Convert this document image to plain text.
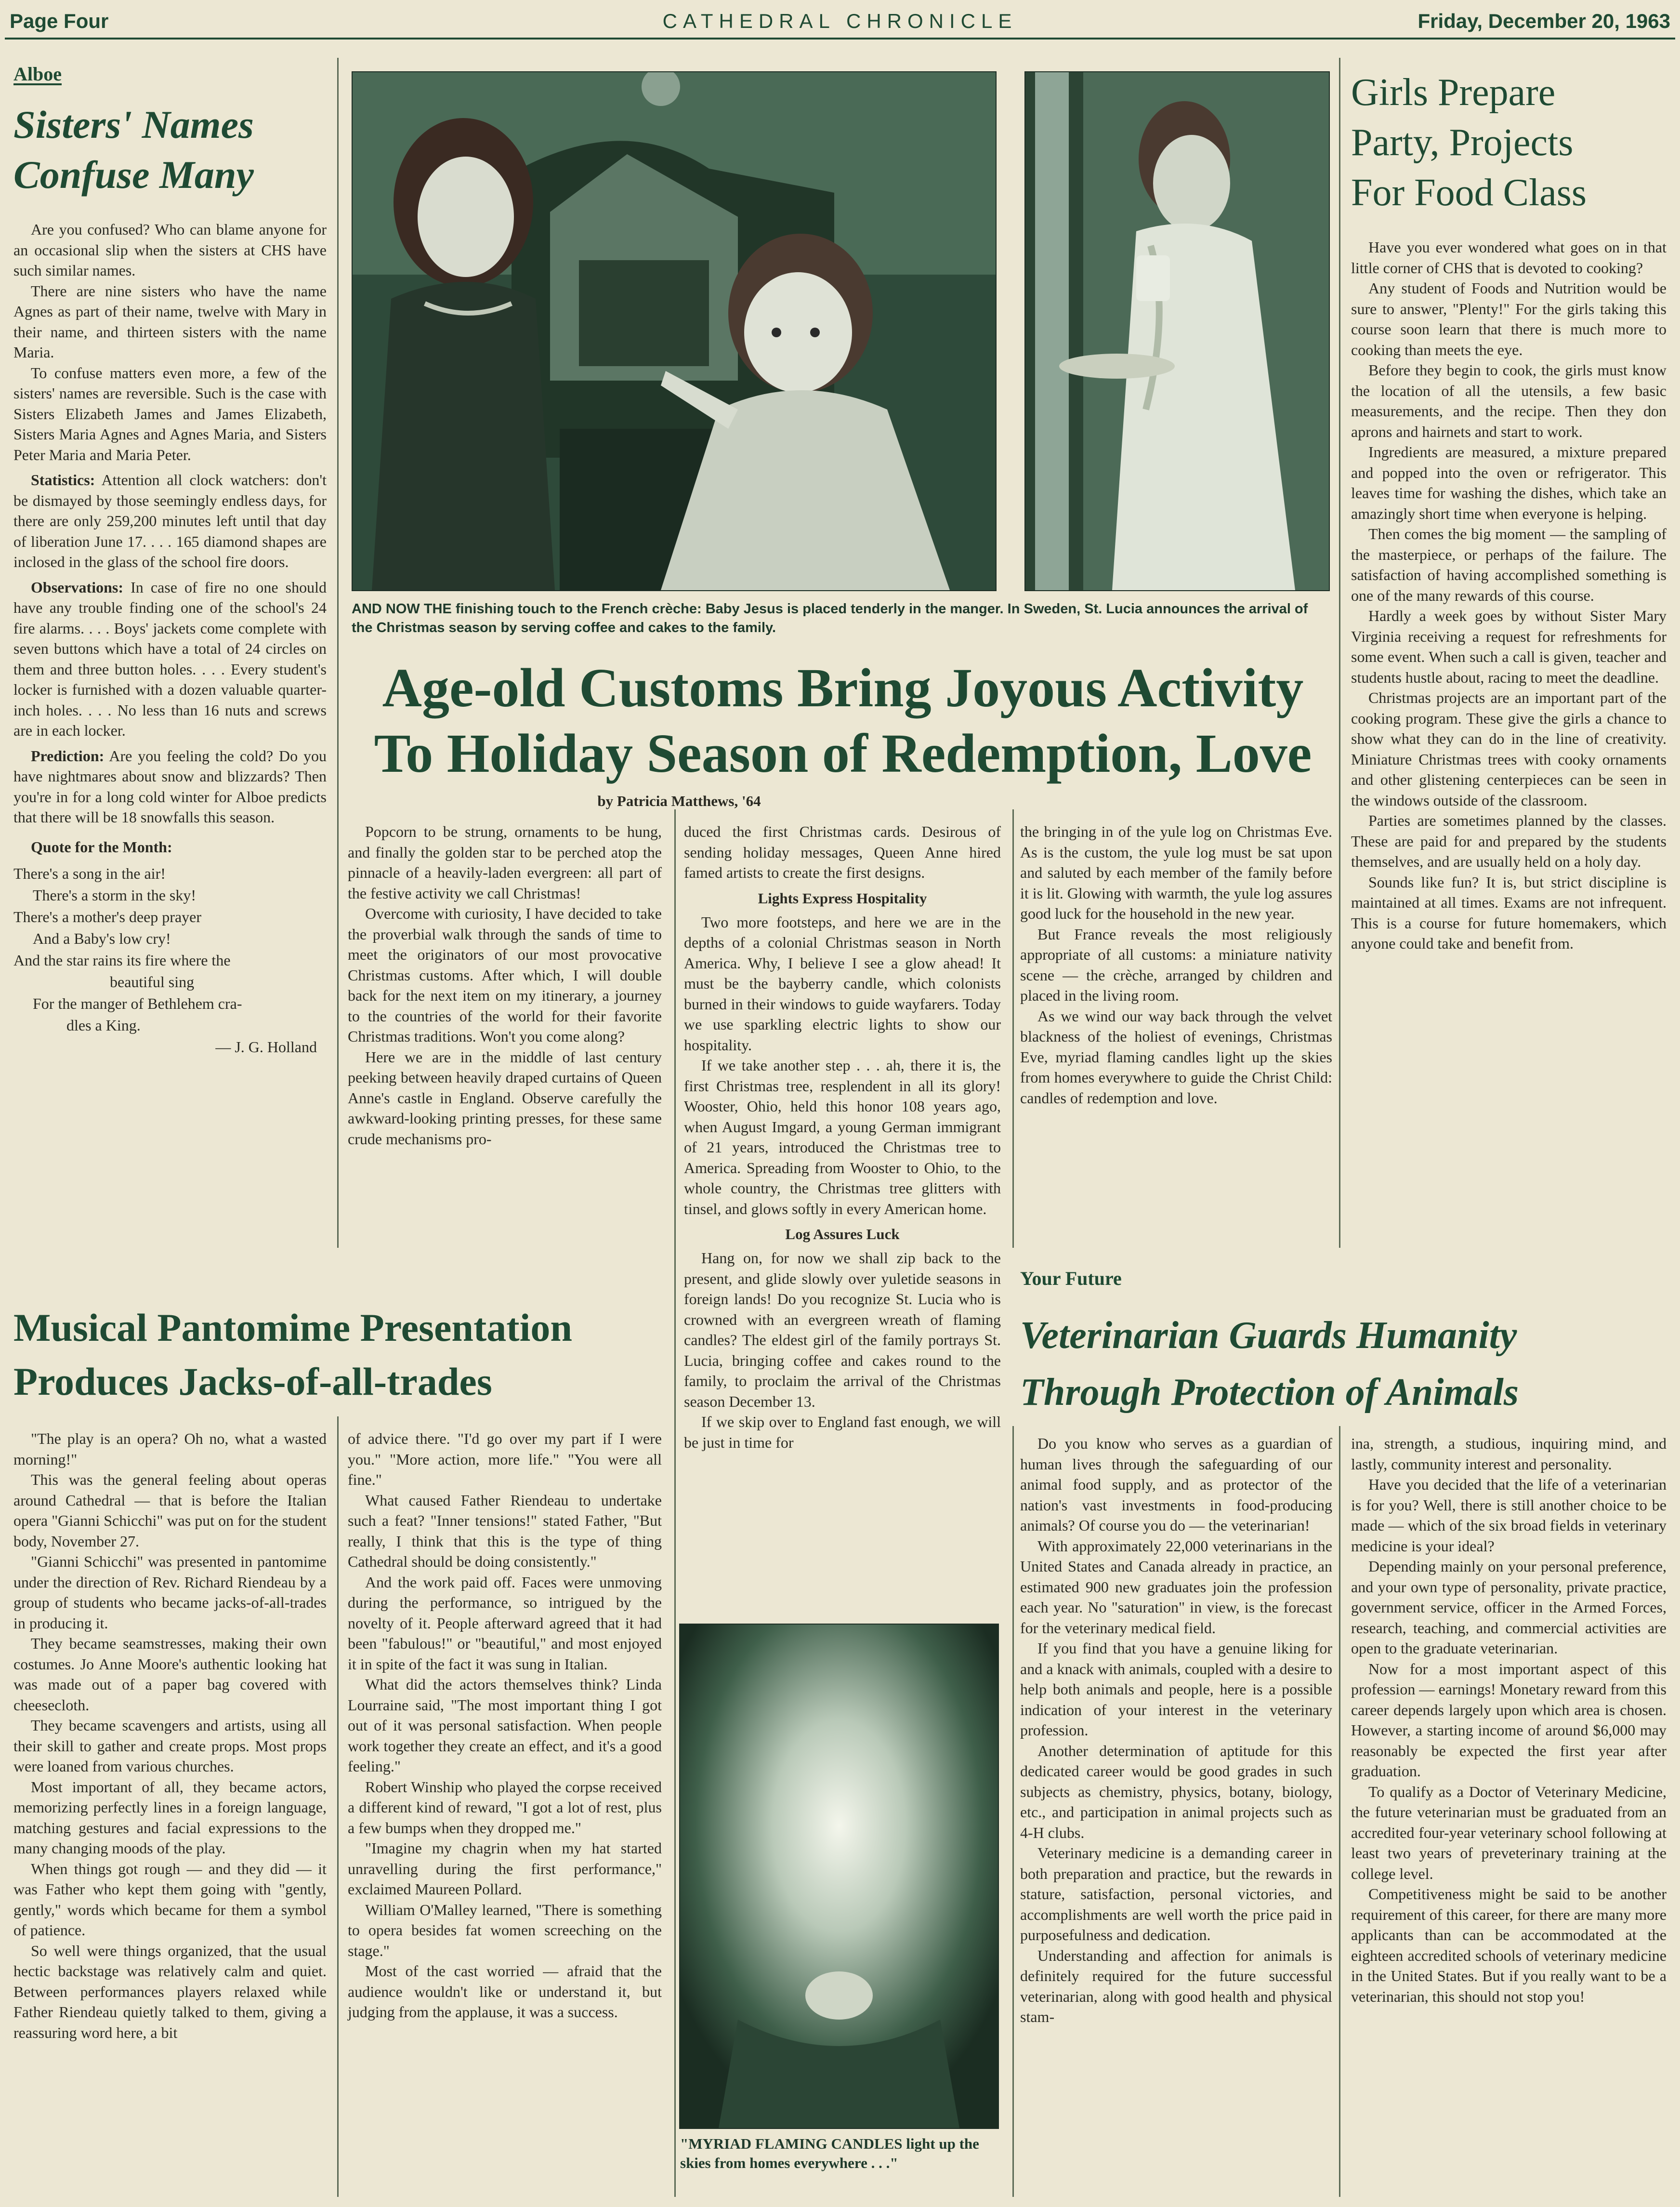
Page Four	CATHEDRAL CHRONICLE	Friday, December 20, 1963
Alboe
Sisters' Names
Confuse Many

Are you confused? Who can blame anyone for an occasional slip when the sisters at CHS have such similar names.

There are nine sisters who have the name Agnes as part of their name, twelve with Mary in their name, and thirteen sisters with the name Maria.

To confuse matters even more, a few of the sisters' names are reversible. Such is the case with Sisters Elizabeth James and James Elizabeth, Sisters Maria Agnes and Agnes Maria, and Sisters Peter Maria and Maria Peter.

Statistics: Attention all clock watchers: don't be dismayed by those seemingly endless days, for there are only 259,200 minutes left until that day of liberation June 17. . . . 165 diamond shapes are inclosed in the glass of the school fire doors.

Observations: In case of fire no one should have any trouble finding one of the school's 24 fire alarms. . . . Boys' jackets come complete with seven buttons which have a total of 24 circles on them and three button holes. . . . Every student's locker is furnished with a dozen valuable quarter-inch holes. . . . No less than 16 nuts and screws are in each locker.

Prediction: Are you feeling the cold? Do you have nightmares about snow and blizzards? Then you're in for a long cold winter for Alboe predicts that there will be 18 snowfalls this season.

Quote for the Month:
There's a song in the air!
There's a storm in the sky!
There's a mother's deep prayer
And a Baby's low cry!
And the star rains its fire where the
beautiful sing
For the manger of Bethlehem cra-
dles a King.
— J. G. Holland
AND NOW THE finishing touch to the French crèche: Baby Jesus is placed tenderly in the manger. In Sweden, St. Lucia announces the arrival of the Christmas season by serving coffee and cakes to the family.
Girls Prepare
Party, Projects
For Food Class

Have you ever wondered what goes on in that little corner of CHS that is devoted to cooking?

Any student of Foods and Nutrition would be sure to answer, "Plenty!" For the girls taking this course soon learn that there is much more to cooking than meets the eye.

Before they begin to cook, the girls must know the location of all the utensils, a few basic measurements, and the recipe. Then they don aprons and hairnets and start to work.

Ingredients are measured, a mixture prepared and popped into the oven or refrigerator. This leaves time for washing the dishes, which take an amazingly short time when everyone is helping.

Then comes the big moment — the sampling of the masterpiece, or perhaps of the failure. The satisfaction of having accomplished something is one of the many rewards of this course.

Hardly a week goes by without Sister Mary Virginia receiving a request for refreshments for some event. When such a call is given, teacher and students hustle about, racing to meet the deadline.

Christmas projects are an important part of the cooking program. These give the girls a chance to show what they can do in the line of creativity. Miniature Christmas trees with cooky ornaments and other glistening centerpieces can be seen in the windows outside of the classroom.

Parties are sometimes planned by the classes. These are paid for and prepared by the students themselves, and are usually held on a holy day.

Sounds like fun? It is, but strict discipline is maintained at all times. Exams are not infrequent. This is a course for future homemakers, which anyone could take and benefit from.

Age-old Customs Bring Joyous Activity
To Holiday Season of Redemption, Love
by Patricia Matthews, '64

Popcorn to be strung, ornaments to be hung, and finally the golden star to be perched atop the pinnacle of a heavily-laden evergreen: all part of the festive activity we call Christmas!

Overcome with curiosity, I have decided to take the proverbial walk through the sands of time to meet the originators of our most provocative Christmas customs. After which, I will double back for the next item on my itinerary, a journey to the countries of the world for their favorite Christmas traditions. Won't you come along?

Here we are in the middle of last century peeking between heavily draped curtains of Queen Anne's castle in England. Observe carefully the awkward-looking printing presses, for these same crude mechanisms pro-

duced the first Christmas cards. Desirous of sending holiday messages, Queen Anne hired famed artists to create the first designs.

Lights Express Hospitality

Two more footsteps, and here we are in the depths of a colonial Christmas season in North America. Why, I believe I see a glow ahead! It must be the bayberry candle, which colonists burned in their windows to guide wayfarers. Today we use sparkling electric lights to show our hospitality.

If we take another step . . . ah, there it is, the first Christmas tree, resplendent in all its glory! Wooster, Ohio, held this honor 108 years ago, when August Imgard, a young German immigrant of 21 years, introduced the Christmas tree to America. Spreading from Wooster to Ohio, to the whole country, the Christmas tree glitters with tinsel, and glows softly in every American home.

Log Assures Luck

Hang on, for now we shall zip back to the present, and glide slowly over yuletide seasons in foreign lands! Do you recognize St. Lucia who is crowned with an evergreen wreath of flaming candles? The eldest girl of the family portrays St. Lucia, bringing coffee and cakes round to the family, to proclaim the arrival of the Christmas season December 13.

If we skip over to England fast enough, we will be just in time for

the bringing in of the yule log on Christmas Eve. As is the custom, the yule log must be sat upon and saluted by each member of the family before it is lit. Glowing with warmth, the yule log assures good luck for the household in the new year.

But France reveals the most religiously appropriate of all customs: a miniature nativity scene — the crèche, arranged by children and placed in the living room.

As we wind our way back through the velvet blackness of the holiest of evenings, Christmas Eve, myriad flaming candles light up the skies from homes everywhere to guide the Christ Child: candles of redemption and love.

Musical Pantomime Presentation
Produces Jacks-of-all-trades

"The play is an opera? Oh no, what a wasted morning!"

This was the general feeling about operas around Cathedral — that is before the Italian opera "Gianni Schicchi" was put on for the student body, November 27.

"Gianni Schicchi" was presented in pantomime under the direction of Rev. Richard Riendeau by a group of students who became jacks-of-all-trades in producing it.

They became seamstresses, making their own costumes. Jo Anne Moore's authentic looking hat was made out of a paper bag covered with cheesecloth.

They became scavengers and artists, using all their skill to gather and create props. Most props were loaned from various churches.

Most important of all, they became actors, memorizing perfectly lines in a foreign language, matching gestures and facial expressions to the many changing moods of the play.

When things got rough — and they did — it was Father who kept them going with "gently, gently," words which became for them a symbol of patience.

So well were things organized, that the usual hectic backstage was relatively calm and quiet. Between performances players relaxed while Father Riendeau quietly talked to them, giving a reassuring word here, a bit

of advice there. "I'd go over my part if I were you." "More action, more life." "You were all fine."

What caused Father Riendeau to undertake such a feat? "Inner tensions!" stated Father, "But really, I think that this is the type of thing Cathedral should be doing consistently."

And the work paid off. Faces were unmoving during the performance, so intrigued by the novelty of it. People afterward agreed that it had been "fabulous!" or "beautiful," and most enjoyed it in spite of the fact it was sung in Italian.

What did the actors themselves think? Linda Lourraine said, "The most important thing I got out of it was personal satisfaction. When people work together they create an effect, and it's a good feeling."

Robert Winship who played the corpse received a different kind of reward, "I got a lot of rest, plus a few bumps when they dropped me."

"Imagine my chagrin when my hat started unravelling during the first performance," exclaimed Maureen Pollard.

William O'Malley learned, "There is something to opera besides fat women screeching on the stage."

Most of the cast worried — afraid that the audience wouldn't like or understand it, but judging from the applause, it was a success.

"MYRIAD FLAMING CANDLES light up the skies from homes everywhere . . ."
Your Future
Veterinarian Guards Humanity
Through Protection of Animals

Do you know who serves as a guardian of human lives through the safeguarding of our animal food supply, and as protector of the nation's vast investments in food-producing animals? Of course you do — the veterinarian!

With approximately 22,000 veterinarians in the United States and Canada already in practice, an estimated 900 new graduates join the profession each year. No "saturation" in view, is the forecast for the veterinary medical field.

If you find that you have a genuine liking for and a knack with animals, coupled with a desire to help both animals and people, here is a possible indication of your interest in the veterinary profession.

Another determination of aptitude for this dedicated career would be good grades in such subjects as chemistry, physics, botany, biology, etc., and participation in animal projects such as 4-H clubs.

Veterinary medicine is a demanding career in both preparation and practice, but the rewards in stature, satisfaction, personal victories, and accomplishments are well worth the price paid in purposefulness and dedication.

Understanding and affection for animals is definitely required for the future successful veterinarian, along with good health and physical stam-

ina, strength, a studious, inquiring mind, and lastly, community interest and personality.

Have you decided that the life of a veterinarian is for you? Well, there is still another choice to be made — which of the six broad fields in veterinary medicine is your ideal?

Depending mainly on your personal preference, and your own type of personality, private practice, government service, officer in the Armed Forces, research, teaching, and commercial activities are open to the graduate veterinarian.

Now for a most important aspect of this profession — earnings! Monetary reward from this career depends largely upon which area is chosen. However, a starting income of around $6,000 may reasonably be expected the first year after graduation.

To qualify as a Doctor of Veterinary Medicine, the future veterinarian must be graduated from an accredited four-year veterinary school following at least two years of preveterinary training at the college level.

Competitiveness might be said to be another requirement of this career, for there are many more applicants than can be accommodated at the eighteen accredited schools of veterinary medicine in the United States. But if you really want to be a veterinarian, this should not stop you!
